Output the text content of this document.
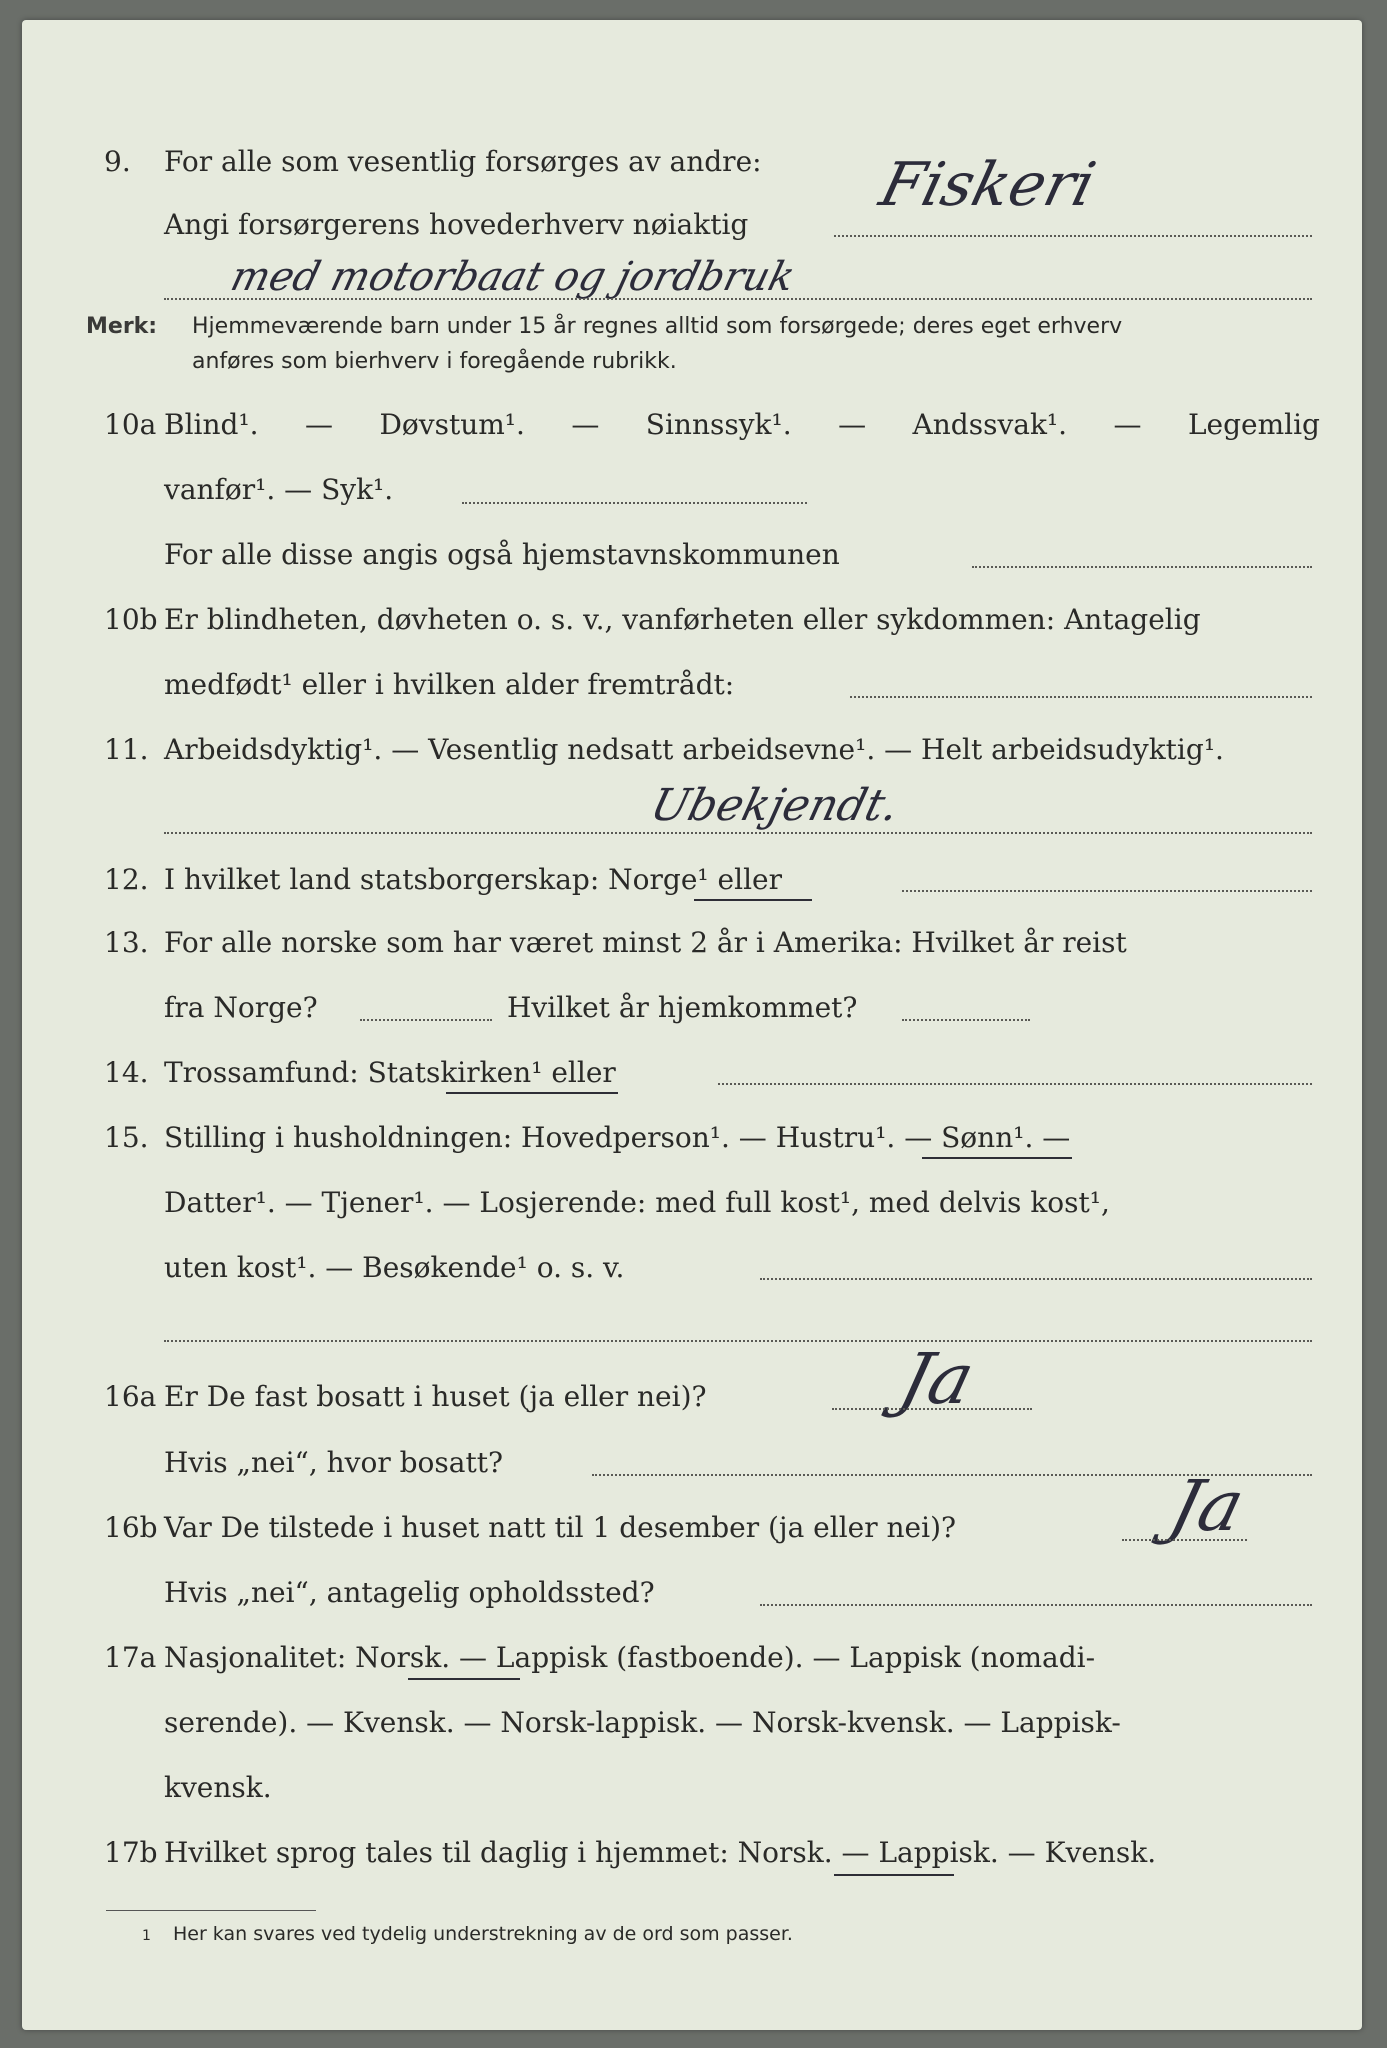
9. For alle som vesentlig forsørges av andre: Fiskeri
Angi forsørgerens hovederhverv nøiaktig
med motorbaat og jordbruk
Merk: Hjemmeværende barn under 15 år regnes alltid som forsørgede; deres eget erhverv
anføres som bierhverv i foregående rubrikk.
10a Blind¹. — Døvstum¹. — Sinnssyk¹. — Andssvak¹. — Legemlig
vanfør¹. — Syk¹.
For alle disse angis også hjemstavnskommunen
10b Er blindheten, døvheten o. s. v., vanførheten eller sykdommen: Antagelig
medfødt¹ eller i hvilken alder fremtrådt:
11. Arbeidsdyktig¹. — Vesentlig nedsatt arbeidsevne¹. — Helt arbeidsudyktig¹.
Ubekjendt.
12. I hvilket land statsborgerskap: Norge¹ eller
13. For alle norske som har været minst 2 år i Amerika: Hvilket år reist
fra Norge?	Hvilket år hjemkommet?
14. Trossamfund: Statskirken¹ eller
15. Stilling i husholdningen: Hovedperson¹. — Hustru¹. — Sønn¹. —
Datter¹. — Tjener¹. — Losjerende: med full kost¹, med delvis kost¹,
uten kost¹. — Besøkende¹ o. s. v.
16a Er De fast bosatt i huset (ja eller nei)?	Ja
Hvis „nei“, hvor bosatt?
16b Var De tilstede i huset natt til 1 desember (ja eller nei)?	Ja
Hvis „nei“, antagelig opholdssted?
17a Nasjonalitet: Norsk. — Lappisk (fastboende). — Lappisk (nomadi-
serende). — Kvensk. — Norsk-lappisk. — Norsk-kvensk. — Lappisk-
kvensk.
17b Hvilket sprog tales til daglig i hjemmet: Norsk. — Lappisk. — Kvensk.
1 Her kan svares ved tydelig understrekning av de ord som passer.
